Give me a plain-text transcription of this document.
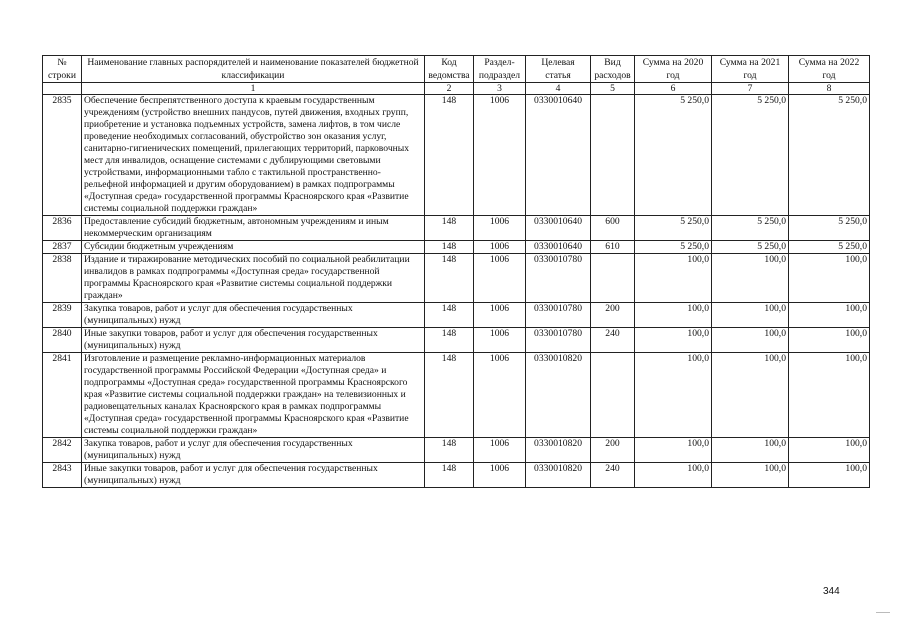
№ строки	Наименование главных распорядителей и наименование показателей бюджетной классификации	Код ведомства	Раздел-подраздел	Целевая статья	Вид расходов	Сумма на 2020 год	Сумма на 2021 год	Сумма на 2022 год
	1	2	3	4	5	6	7	8
2835	Обеспечение беспрепятственного доступа к краевым государственным учреждениям (устройство внешних пандусов, путей движения, входных групп, приобретение и установка подъемных устройств, замена лифтов, в том числе проведение необходимых согласований, обустройство зон оказания услуг, санитарно-гигиенических помещений, прилегающих территорий, парковочных мест для инвалидов, оснащение системами с дублирующими световыми устройствами, информационными табло с тактильной пространственно-рельефной информацией и другим оборудованием) в рамках подпрограммы «Доступная среда» государственной программы Красноярского края «Развитие системы социальной поддержки граждан»	148	1006	0330010640		5 250,0	5 250,0	5 250,0
2836	Предоставление субсидий бюджетным, автономным учреждениям и иным некоммерческим организациям	148	1006	0330010640	600	5 250,0	5 250,0	5 250,0
2837	Субсидии бюджетным учреждениям	148	1006	0330010640	610	5 250,0	5 250,0	5 250,0
2838	Издание и тиражирование методических пособий по социальной реабилитации инвалидов в рамках подпрограммы «Доступная среда» государственной программы Красноярского края «Развитие системы социальной поддержки граждан»	148	1006	0330010780		100,0	100,0	100,0
2839	Закупка товаров, работ и услуг для обеспечения государственных (муниципальных) нужд	148	1006	0330010780	200	100,0	100,0	100,0
2840	Иные закупки товаров, работ и услуг для обеспечения государственных (муниципальных) нужд	148	1006	0330010780	240	100,0	100,0	100,0
2841	Изготовление и размещение рекламно-информационных материалов государственной программы Российской Федерации «Доступная среда» и подпрограммы «Доступная среда» государственной программы Красноярского края «Развитие системы социальной поддержки граждан» на телевизионных и радиовещательных каналах Красноярского края в рамках подпрограммы «Доступная среда» государственной программы Красноярского края «Развитие системы социальной поддержки граждан»	148	1006	0330010820		100,0	100,0	100,0
2842	Закупка товаров, работ и услуг для обеспечения государственных (муниципальных) нужд	148	1006	0330010820	200	100,0	100,0	100,0
2843	Иные закупки товаров, работ и услуг для обеспечения государственных (муниципальных) нужд	148	1006	0330010820	240	100,0	100,0	100,0
344
